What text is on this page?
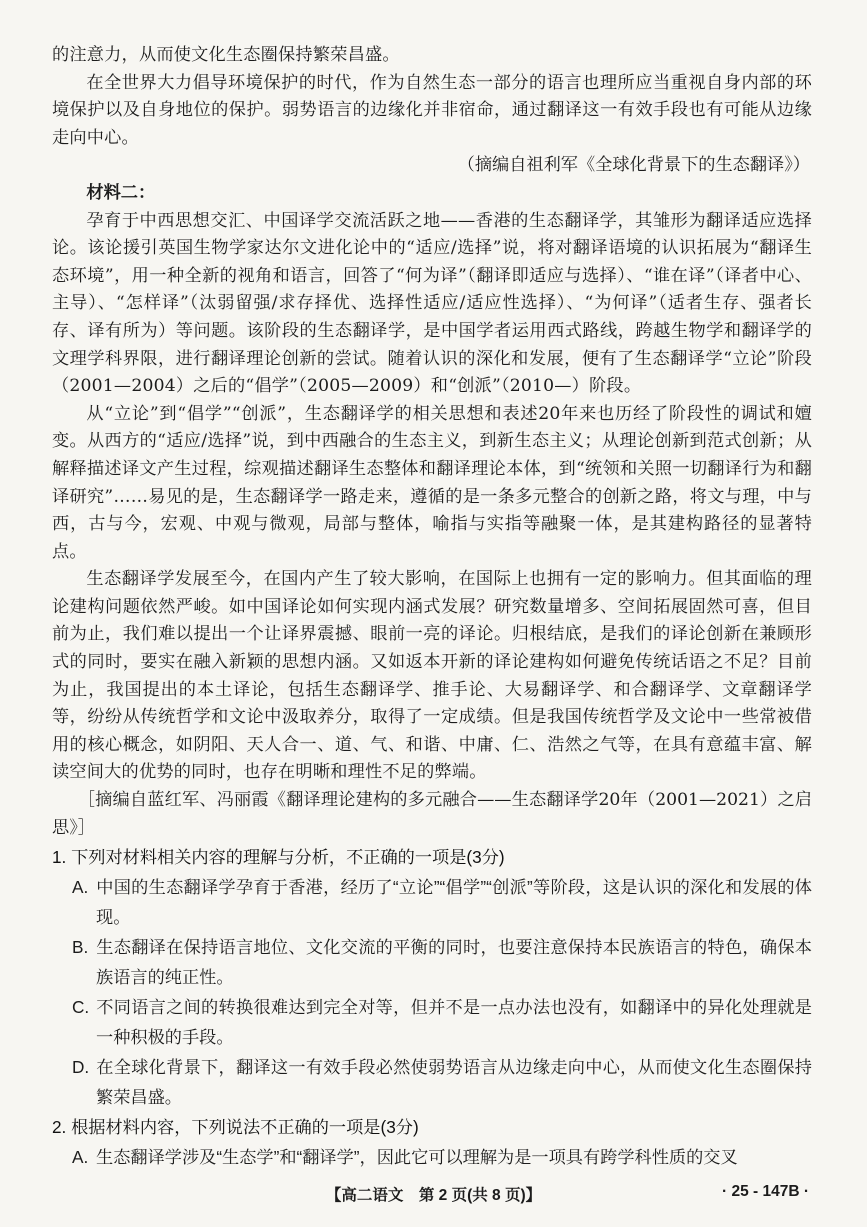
的注意力，从而使文化生态圈保持繁荣昌盛。

在全世界大力倡导环境保护的时代，作为自然生态一部分的语言也理所应当重视自身内部的环境保护以及自身地位的保护。弱势语言的边缘化并非宿命，通过翻译这一有效手段也有可能从边缘走向中心。

（摘编自祖利军《全球化背景下的生态翻译》）

材料二：

孕育于中西思想交汇、中国译学交流活跃之地——香港的生态翻译学，其雏形为翻译适应选择论。该论援引英国生物学家达尔文进化论中的“适应/选择”说，将对翻译语境的认识拓展为“翻译生态环境”，用一种全新的视角和语言，回答了“何为译”（翻译即适应与选择）、“谁在译”（译者中心、主导）、“怎样译”（汰弱留强/求存择优、选择性适应/适应性选择）、“为何译”（适者生存、强者长存、译有所为）等问题。该阶段的生态翻译学，是中国学者运用西式路线，跨越生物学和翻译学的文理学科界限，进行翻译理论创新的尝试。随着认识的深化和发展，便有了生态翻译学“立论”阶段（2001—2004）之后的“倡学”（2005—2009）和“创派”（2010—）阶段。

从“立论”到“倡学”“创派”，生态翻译学的相关思想和表述20年来也历经了阶段性的调试和嬗变。从西方的“适应/选择”说，到中西融合的生态主义，到新生态主义；从理论创新到范式创新；从解释描述译文产生过程，综观描述翻译生态整体和翻译理论本体，到“统领和关照一切翻译行为和翻译研究”……易见的是，生态翻译学一路走来，遵循的是一条多元整合的创新之路，将文与理，中与西，古与今，宏观、中观与微观，局部与整体，喻指与实指等融聚一体，是其建构路径的显著特点。

生态翻译学发展至今，在国内产生了较大影响，在国际上也拥有一定的影响力。但其面临的理论建构问题依然严峻。如中国译论如何实现内涵式发展？研究数量增多、空间拓展固然可喜，但目前为止，我们难以提出一个让译界震撼、眼前一亮的译论。归根结底，是我们的译论创新在兼顾形式的同时，要实在融入新颖的思想内涵。又如返本开新的译论建构如何避免传统话语之不足？目前为止，我国提出的本土译论，包括生态翻译学、推手论、大易翻译学、和合翻译学、文章翻译学等，纷纷从传统哲学和文论中汲取养分，取得了一定成绩。但是我国传统哲学及文论中一些常被借用的核心概念，如阴阳、天人合一、道、气、和谐、中庸、仁、浩然之气等，在具有意蕴丰富、解读空间大的优势的同时，也存在明晰和理性不足的弊端。

［摘编自蓝红军、冯丽霞《翻译理论建构的多元融合——生态翻译学20年（2001—2021）之启思》］

1. 下列对材料相关内容的理解与分析，不正确的一项是(3分)

A. 中国的生态翻译学孕育于香港，经历了“立论”“倡学”“创派”等阶段，这是认识的深化和发展的体现。

B. 生态翻译在保持语言地位、文化交流的平衡的同时，也要注意保持本民族语言的特色，确保本族语言的纯正性。

C. 不同语言之间的转换很难达到完全对等，但并不是一点办法也没有，如翻译中的异化处理就是一种积极的手段。

D. 在全球化背景下，翻译这一有效手段必然使弱势语言从边缘走向中心，从而使文化生态圈保持繁荣昌盛。

2. 根据材料内容，下列说法不正确的一项是(3分)

A. 生态翻译学涉及“生态学”和“翻译学”，因此它可以理解为是一项具有跨学科性质的交叉

【高二语文　第 2 页(共 8 页)】	· 25 - 147B ·
